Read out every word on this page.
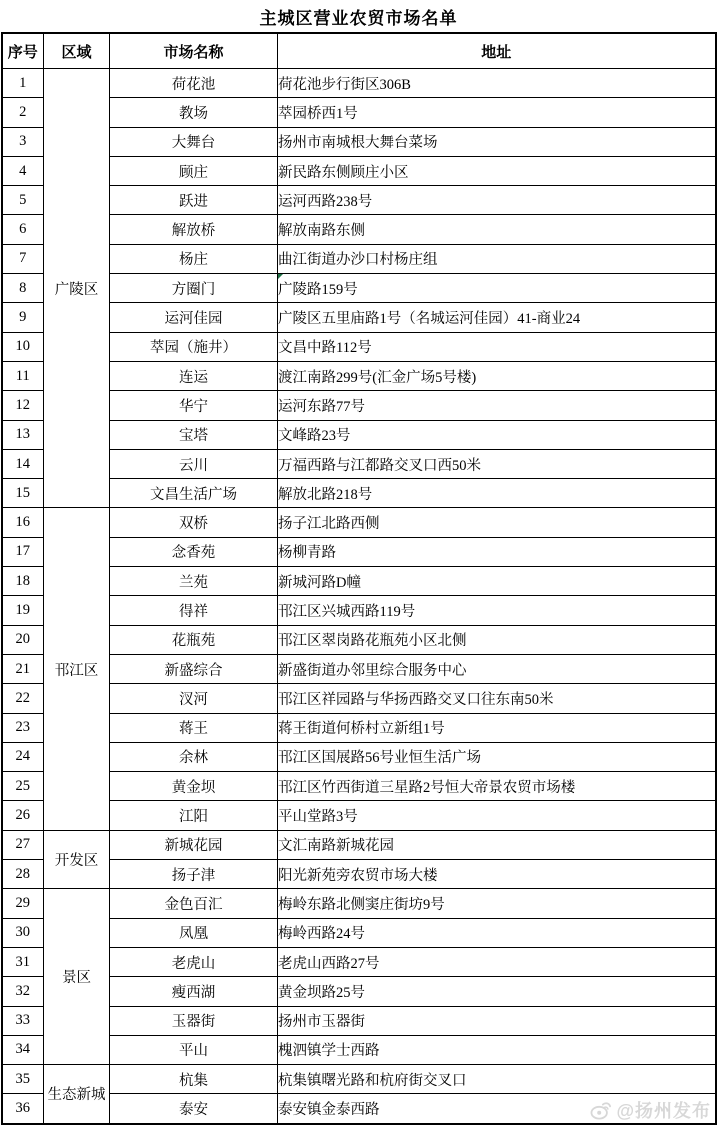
主城区营业农贸市场名单
序号	区域	市场名称	地址
1	广陵区	荷花池	荷花池步行街区306B
2		教场	萃园桥西1号
3		大舞台	扬州市南城根大舞台菜场
4		顾庄	新民路东侧顾庄小区
5		跃进	运河西路238号
6		解放桥	解放南路东侧
7		杨庄	曲江街道办沙口村杨庄组
8		方圈门	广陵路159号

9		运河佳园	广陵区五里庙路1号（名城运河佳园）41-商业24
10		萃园（施井）	文昌中路112号
11		连运	渡江南路299号(汇金广场5号楼)
12		华宁	运河东路77号
13		宝塔	文峰路23号
14		云川	万福西路与江都路交叉口西50米
15		文昌生活广场	解放北路218号
16	邗江区	双桥	扬子江北路西侧
17		念香苑	杨柳青路
18		兰苑	新城河路D幢
19		得祥	邗江区兴城西路119号
20		花瓶苑	邗江区翠岗路花瓶苑小区北侧
21		新盛综合	新盛街道办邻里综合服务中心
22		汊河	邗江区祥园路与华扬西路交叉口往东南50米
23		蒋王	蒋王街道何桥村立新组1号
24		余林	邗江区国展路56号业恒生活广场
25		黄金坝	邗江区竹西街道三星路2号恒大帝景农贸市场楼
26		江阳	平山堂路3号
27	开发区	新城花园	文汇南路新城花园
28		扬子津	阳光新苑旁农贸市场大楼
29	景区	金色百汇	梅岭东路北侧窦庄街坊9号
30		凤凰	梅岭西路24号
31		老虎山	老虎山西路27号
32		瘦西湖	黄金坝路25号
33		玉器街	扬州市玉器街
34		平山	槐泗镇学士西路
35	生态新城	杭集	杭集镇曙光路和杭府街交叉口
36		泰安	泰安镇金泰西路	@扬州发布
